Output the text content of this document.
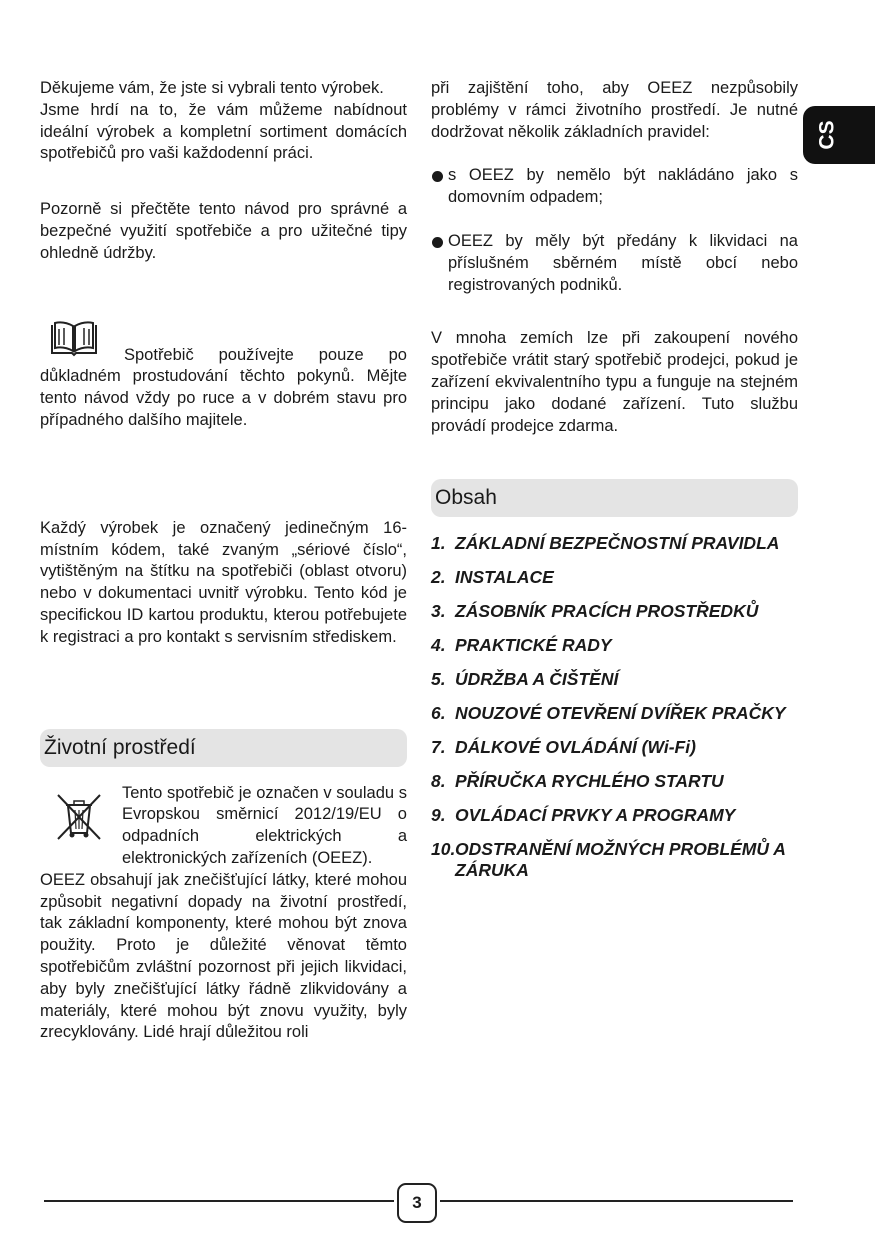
CS

Děkujeme vám, že jste si vybrali tento výrobek.

Jsme hrdí na to, že vám můžeme nabídnout ideální výrobek a kompletní sortiment domácích spotřebičů pro vaši každodenní práci.

Pozorně si přečtěte tento návod pro správné a bezpečné využití spotřebiče a pro užitečné tipy ohledně údržby.

Spotřebič používejte pouze po důkladném prostudování těchto pokynů. Mějte tento návod vždy po ruce a v dobrém stavu pro případného dalšího majitele.

Každý výrobek je označený jedinečným 16-místním kódem, také zvaným „sériové číslo“, vytištěným na štítku na spotřebiči (oblast otvoru) nebo v dokumentaci uvnitř výrobku. Tento kód je specifickou ID kartou produktu, kterou potřebujete k registraci a pro kontakt s servisním střediskem.

Životní prostředí

Tento spotřebič je označen v souladu s Evropskou směrnicí 2012/19/EU o odpadních elektrických a elektronických zařízeních (OEEZ).

OEEZ obsahují jak znečišťující látky, které mohou způsobit negativní dopady na životní prostředí, tak základní komponenty, které mohou být znova použity. Proto je důležité věnovat těmto spotřebičům zvláštní pozornost při jejich likvidaci, aby byly znečišťující látky řádně zlikvidovány a materiály, které mohou být znovu využity, byly zrecyklovány. Lidé hrají důležitou roli

při zajištění toho, aby OEEZ nezpůsobily problémy v rámci životního prostředí. Je nutné dodržovat několik základních pravidel:

s OEEZ by nemělo být nakládáno jako s domovním odpadem;

OEEZ by měly být předány k likvidaci na příslušném sběrném místě obcí nebo registrovaných podniků.

V mnoha zemích lze při zakoupení nového spotřebiče vrátit starý spotřebič prodejci, pokud je zařízení ekvivalentního typu a funguje na stejném principu jako dodané zařízení. Tuto službu provádí prodejce zdarma.

Obsah
1. ZÁKLADNÍ BEZPEČNOSTNÍ PRAVIDLA
2. INSTALACE
3. ZÁSOBNÍK PRACÍCH PROSTŘEDKŮ
4. PRAKTICKÉ RADY
5. ÚDRŽBA A ČIŠTĚNÍ
6. NOUZOVÉ OTEVŘENÍ DVÍŘEK PRAČKY
7. DÁLKOVÉ OVLÁDÁNÍ (Wi-Fi)
8. PŘÍRUČKA RYCHLÉHO STARTU
9. OVLÁDACÍ PRVKY A PROGRAMY
10. ODSTRANĚNÍ MOŽNÝCH PROBLÉMŮ A ZÁRUKA
3
